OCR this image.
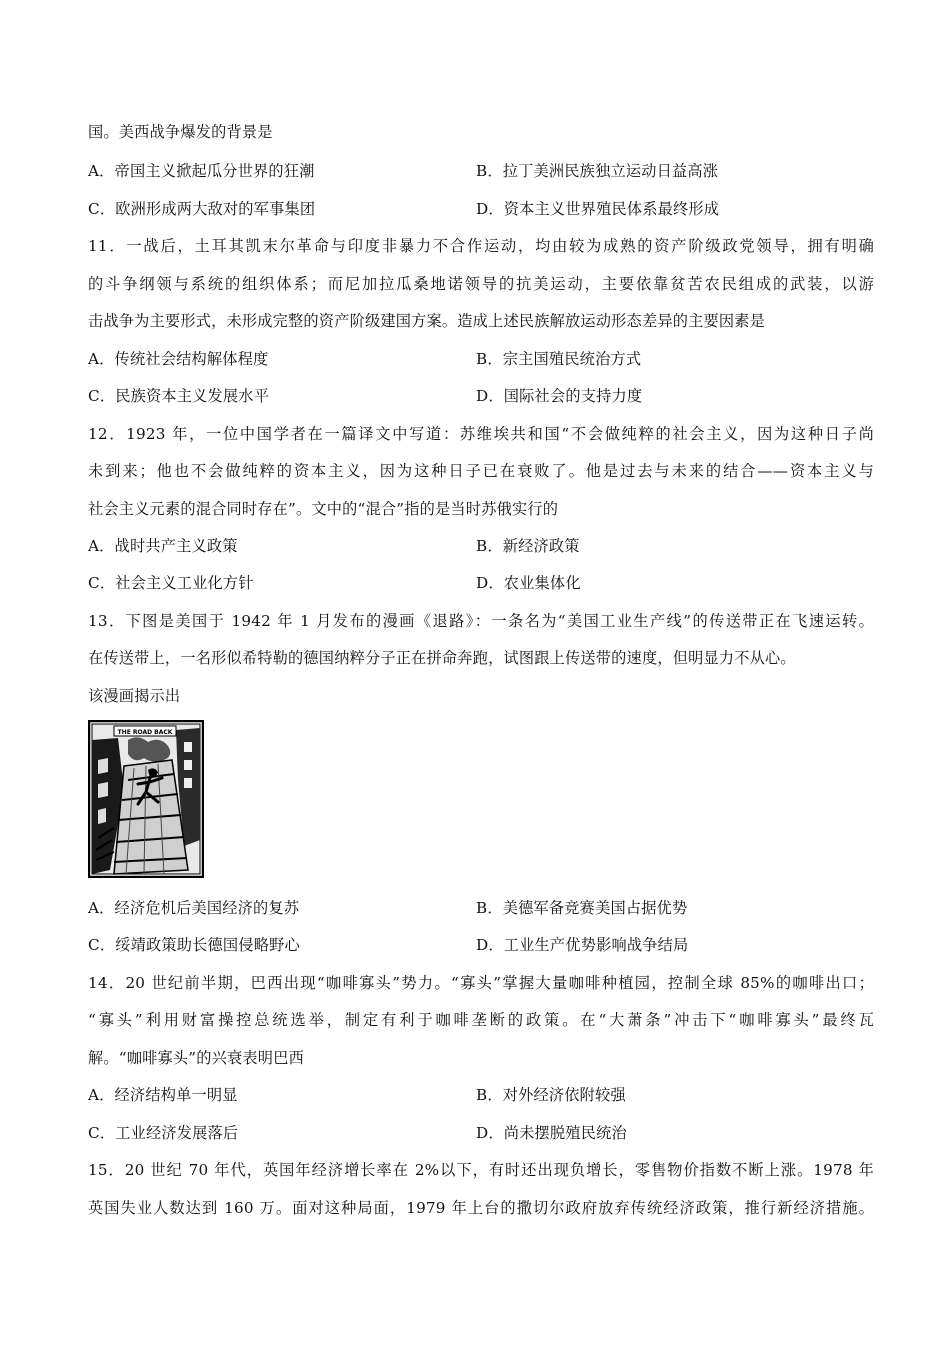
国。美西战争爆发的背景是
A．帝国主义掀起瓜分世界的狂潮	B．拉丁美洲民族独立运动日益高涨
C．欧洲形成两大敌对的军事集团	D．资本主义世界殖民体系最终形成
11．一战后，土耳其凯末尔革命与印度非暴力不合作运动，均由较为成熟的资产阶级政党领导，拥有明确
的斗争纲领与系统的组织体系；而尼加拉瓜桑地诺领导的抗美运动，主要依靠贫苦农民组成的武装，以游
击战争为主要形式，未形成完整的资产阶级建国方案。造成上述民族解放运动形态差异的主要因素是
A．传统社会结构解体程度	B．宗主国殖民统治方式
C．民族资本主义发展水平	D．国际社会的支持力度
12．1923 年，一位中国学者在一篇译文中写道：苏维埃共和国“不会做纯粹的社会主义，因为这种日子尚
未到来；他也不会做纯粹的资本主义，因为这种日子已在衰败了。他是过去与未来的结合——资本主义与
社会主义元素的混合同时存在”。文中的“混合”指的是当时苏俄实行的
A．战时共产主义政策	B．新经济政策
C．社会主义工业化方针	D．农业集体化
13．下图是美国于 1942 年 1 月发布的漫画《退路》：一条名为“美国工业生产线”的传送带正在飞速运转。
在传送带上，一名形似希特勒的德国纳粹分子正在拼命奔跑，试图跟上传送带的速度，但明显力不从心。
该漫画揭示出
THE ROAD BACK
A．经济危机后美国经济的复苏	B．美德军备竞赛美国占据优势
C．绥靖政策助长德国侵略野心	D．工业生产优势影响战争结局
14．20 世纪前半期，巴西出现“咖啡寡头”势力。“寡头”掌握大量咖啡种植园，控制全球 85%的咖啡出口；
“寡头”利用财富操控总统选举，制定有利于咖啡垄断的政策。在“大萧条”冲击下“咖啡寡头”最终瓦
解。“咖啡寡头”的兴衰表明巴西
A．经济结构单一明显	B．对外经济依附较强
C．工业经济发展落后	D．尚未摆脱殖民统治
15．20 世纪 70 年代，英国年经济增长率在 2%以下，有时还出现负增长，零售物价指数不断上涨。1978 年
英国失业人数达到 160 万。面对这种局面，1979 年上台的撒切尔政府放弃传统经济政策，推行新经济措施。
